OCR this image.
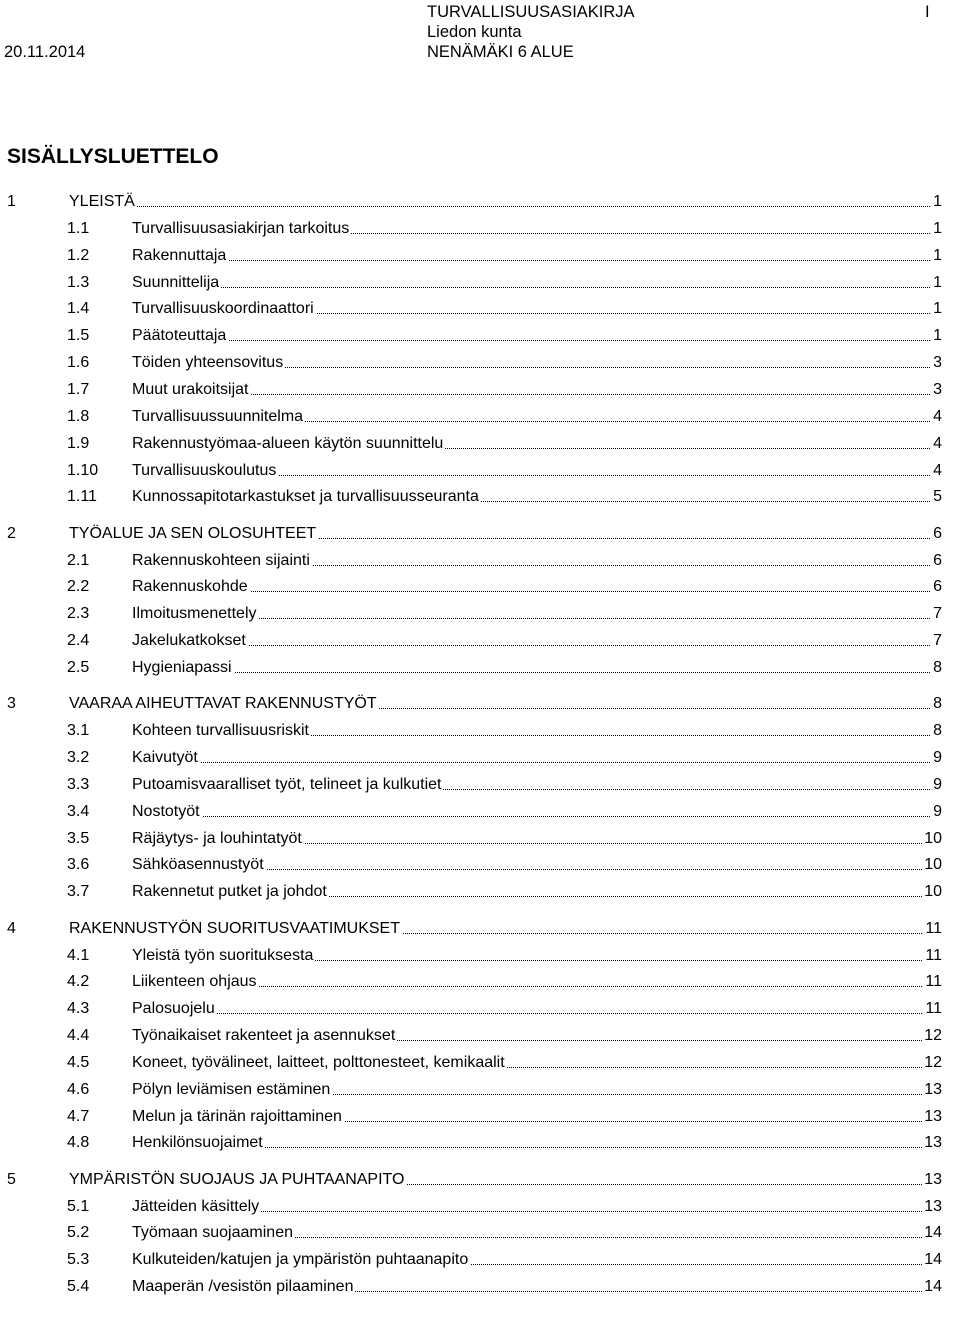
TURVALLISUUSASIAKIRJA	I
Liedon kunta
20.11.2014	NENÄMÄKI 6 ALUE
SISÄLLYSLUETTELO
1	YLEISTÄ	1
1.1	Turvallisuusasiakirjan tarkoitus	1
1.2	Rakennuttaja	1
1.3	Suunnittelija	1
1.4	Turvallisuuskoordinaattori	1
1.5	Päätoteuttaja	1
1.6	Töiden yhteensovitus	3
1.7	Muut urakoitsijat	3
1.8	Turvallisuussuunnitelma	4
1.9	Rakennustyömaa-alueen käytön suunnittelu	4
1.10 Turvallisuuskoulutus	4
1.11 Kunnossapitotarkastukset ja turvallisuusseuranta	5
2	TYÖALUE JA SEN OLOSUHTEET	6
2.1	Rakennuskohteen sijainti	6
2.2	Rakennuskohde	6
2.3	Ilmoitusmenettely	7
2.4	Jakelukatkokset	7
2.5	Hygieniapassi	8
3	VAARAA AIHEUTTAVAT RAKENNUSTYÖT	8
3.1	Kohteen turvallisuusriskit	8
3.2	Kaivutyöt	9
3.3	Putoamisvaaralliset työt, telineet ja kulkutiet	9
3.4	Nostotyöt	9
3.5	Räjäytys- ja louhintatyöt	10
3.6	Sähköasennustyöt	10
3.7	Rakennetut putket ja johdot	10
4	RAKENNUSTYÖN SUORITUSVAATIMUKSET	11
4.1	Yleistä työn suorituksesta	11
4.2	Liikenteen ohjaus	11
4.3	Palosuojelu	11
4.4	Työnaikaiset rakenteet ja asennukset	12
4.5	Koneet, työvälineet, laitteet, polttonesteet, kemikaalit	12
4.6	Pölyn leviämisen estäminen	13
4.7	Melun ja tärinän rajoittaminen	13
4.8	Henkilönsuojaimet	13
5	YMPÄRISTÖN SUOJAUS JA PUHTAANAPITO	13
5.1	Jätteiden käsittely	13
5.2	Työmaan suojaaminen	14
5.3	Kulkuteiden/katujen ja ympäristön puhtaanapito	14
5.4	Maaperän /vesistön pilaaminen	14
